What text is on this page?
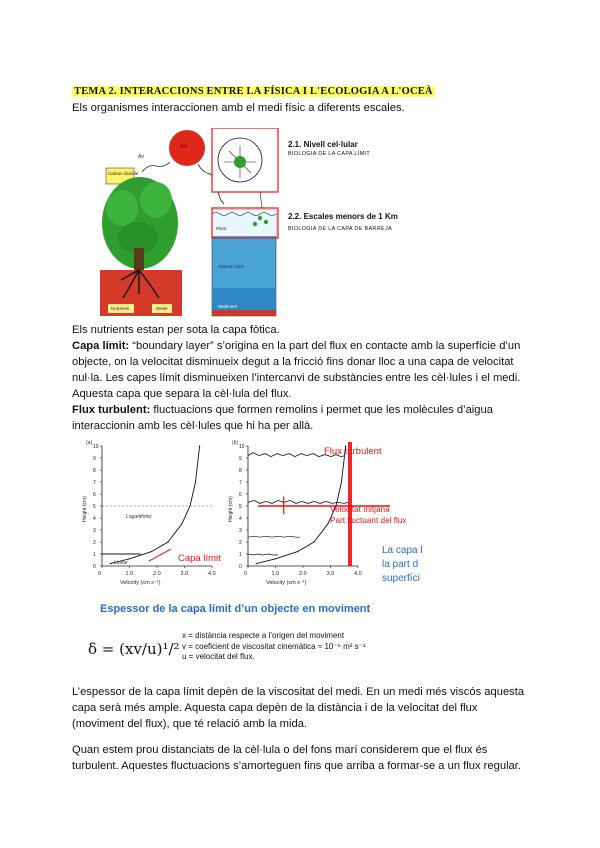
TEMA 2. INTERACCIONS ENTRE LA FÍSICA I L'ECOLOGIA A L'OCEÀ
Els organismes interaccionen amb el medi físic a diferents escales.
Sol
Air
Carbon dioxide
Nutrients	Water
Plant
Aphotic zone
Sediment
2.1. Nivell cel·lular
BIOLOGIA DE LA CAPA LÍMIT
2.2. Escales menors de 1 Km
BIOLOGIA DE LA CAPA DE BARREJA
Els nutrients estan per sota la capa fòtica.
Capa límit: “boundary layer” s’origina en la part del flux en contacte amb la superfície d’un objecte, on la velocitat disminueix degut a la fricció fins donar lloc a una capa de velocitat nul·la. Les capes límit disminueixen l’intercanvi de substàncies entre les cèl·lules i el medi. Aquesta capa que separa la cèl·lula del flux.
Flux turbulent: fluctuacions que formen remolins i permet que les molècules d’aigua interaccionin amb les cèl·lules que hi ha per allà.
0	1.0	2.0	3.0	4.0
0
1
2
3
4
5
6
7
8
9
10
Velocity (cm s⁻¹)
Height (cm)
0	1.0	2.0	3.0	4.0
0
1
2
3
4
5
6
7
8
9
10
Velocity (cm s⁻¹)
Height (cm)
(a)	(b)
Logarithmic
Linear	Capa límit
Flux turbulent
Velocitat mitjana
Part fluctuant del flux
La capa l
la part d
superfíci
Espessor de la capa límit d’un objecte en moviment
δ = (xv/u)¹/²
x = distància respecte a l’origen del moviment
v = coeficient de viscositat cinemàtica ≈ 10⁻⁶ m² s⁻¹
u = velocitat del flux.
L’espessor de la capa límit depèn de la viscositat del medi. En un medi més viscós aquesta capa serà més ample. Aquesta capa depèn de la distància i de la velocitat del flux (moviment del flux), que té relació amb la mida.
Quan estem prou distanciats de la cèl·lula o del fons marí considerem que el flux és turbulent. Aquestes fluctuacions s’amorteguen fins que arriba a formar-se a un flux regular.
